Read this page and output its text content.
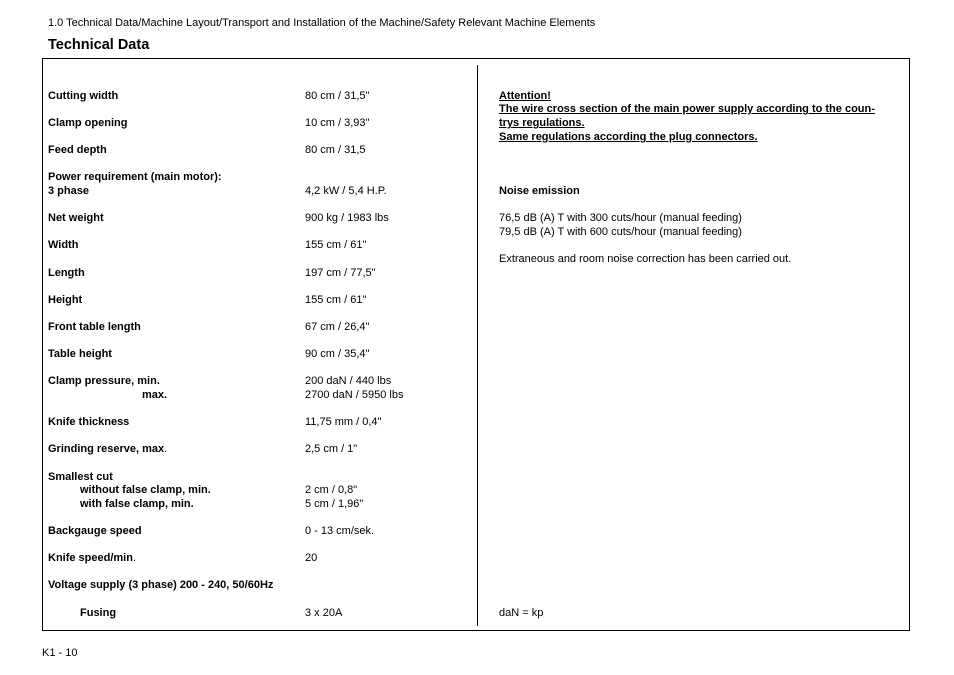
1.0 Technical Data/Machine Layout/Transport and Installation of the Machine/Safety Relevant Machine Elements
Technical Data
Cutting width	80 cm / 31,5"
Clamp opening	10 cm / 3,93"
Feed depth	80 cm / 31,5
Power requirement (main motor):
3 phase	4,2 kW / 5,4 H.P.
Net weight	900 kg / 1983 lbs
Width	155 cm / 61"
Length	197 cm / 77,5"
Height	155 cm / 61"
Front table length	67 cm / 26,4"
Table height	90 cm / 35,4"
Clamp pressure, min.	200 daN / 440 lbs
max.	2700 daN / 5950 lbs
Knife thickness	11,75 mm / 0,4"
Grinding reserve, max.	2,5 cm / 1"
Smallest cut
without false clamp, min.	2 cm / 0,8"
with false clamp, min.	5 cm / 1,96"
Backgauge speed	0 - 13 cm/sek.
Knife speed/min.	20
Voltage supply (3 phase) 200 - 240, 50/60Hz
Fusing	3 x 20A
Attention!
The wire cross section of the main power supply according to the coun-
trys regulations.
Same regulations according the plug connectors.
Noise emission
76,5 dB (A) T with 300 cuts/hour (manual feeding)
79,5 dB (A) T with 600 cuts/hour (manual feeding)
Extraneous and room noise correction has been carried out.
daN = kp
K1 - 10
